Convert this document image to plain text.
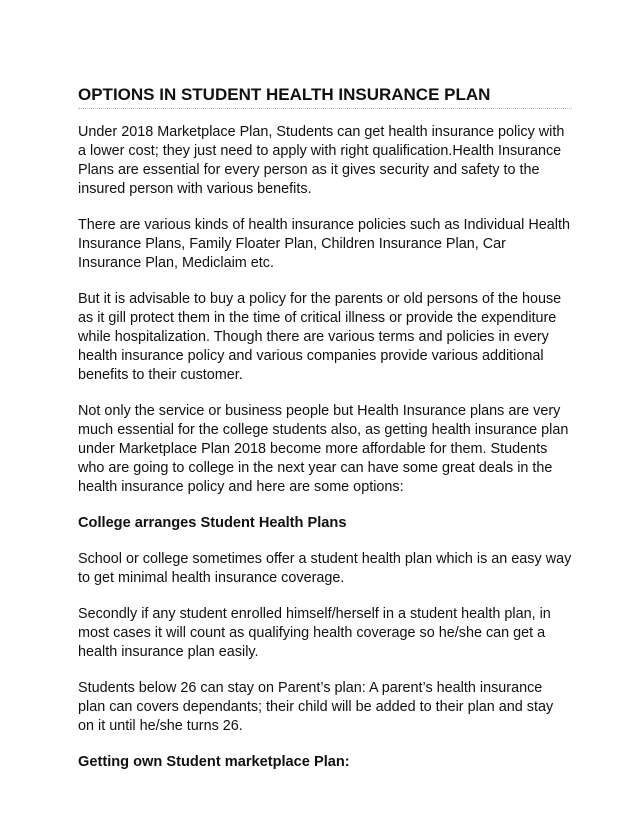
OPTIONS IN STUDENT HEALTH INSURANCE PLAN

Under 2018 Marketplace Plan, Students can get health insurance policy with a lower cost; they just need to apply with right qualification.Health Insurance Plans are essential for every person as it gives security and safety to the insured person with various benefits.

There are various kinds of health insurance policies such as Individual Health Insurance Plans, Family Floater Plan, Children Insurance Plan, Car Insurance Plan, Mediclaim etc.

But it is advisable to buy a policy for the parents or old persons of the house as it gill protect them in the time of critical illness or provide the expenditure while hospitalization. Though there are various terms and policies in every health insurance policy and various companies provide various additional benefits to their customer.

Not only the service or business people but Health Insurance plans are very much essential for the college students also, as getting health insurance plan under Marketplace Plan 2018 become more affordable for them. Students who are going to college in the next year can have some great deals in the health insurance policy and here are some options:

College arranges Student Health Plans

School or college sometimes offer a student health plan which is an easy way to get minimal health insurance coverage.

Secondly if any student enrolled himself/herself in a student health plan, in most cases it will count as qualifying health coverage so he/she can get a health insurance plan easily.

Students below 26 can stay on Parent’s plan: A parent’s health insurance plan can covers dependants; their child will be added to their plan and stay on it until he/she turns 26.

Getting own Student marketplace Plan:
